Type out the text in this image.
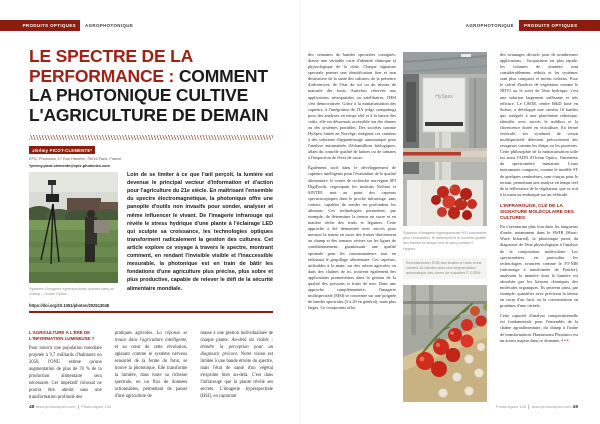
PRODUITS OPTIQUES AGROPHOTONIQUE	AGROPHOTONIQUE PRODUITS OPTIQUES
LE SPECTRE DE LA PERFORMANCE : COMMENT LA PHOTONIQUE CULTIVE L'AGRICULTURE DE DEMAIN
Jérémy PICOT-CLEMENTE*
EPIC Photonics, 17 Rue Hamelin, 75016 Paris, France
*jeremy.picot-clemente@epic-photonics.com
Système d'imagerie hyperspectrale opérant dans un champ – Ocean Optics
https://doi.org/10.1051/photon/202513048
Loin de se limiter à ce que l'œil perçoit, la lumière est devenue le principal vecteur d'information et d'action pour l'agriculture du 21e siècle. En maîtrisant l'ensemble du spectre électromagnétique, la photonique offre une panoplie d'outils non invasifs pour sonder, analyser et même influencer le vivant. De l'imagerie infrarouge qui révèle le stress hydrique d'une plante à l'éclairage LED qui sculpte sa croissance, les technologies optiques transforment radicalement la gestion des cultures. Cet article explore ce voyage à travers le spectre, montrant comment, en rendant l'invisible visible et l'inaccessible mesurable, la photonique est en train de bâtir les fondations d'une agriculture plus précise, plus sobre et plus productive, capable de relever le défi de la sécurité alimentaire mondiale.
L'AGRICULTURE À L'ÈRE DE L'INFORMATION LUMINEUSE ?
Pour nourrir une population mondiale projetée à 9,7 milliards d'habitants en 2050, l'ONU estime qu'une augmentation de plus de 70 % de la production alimentaire sera nécessaire. Cet impératif colossal ne pourra être atteint sans une transformation profonde des
pratiques agricoles. La réponse se trouve dans l'agriculture intelligente, et au cœur de cette révolution, agissant comme le système nerveux sensoriel de la ferme du futur, se trouve la photonique. Elle transforme la lumière, dans toute sa richesse spectrale, en un flux de données actionnables, permettant de passer d'une agriculture de
masse à une gestion individualisée de chaque plante. Au-delà du visible : étendre la perception pour un diagnostic précoce. Notre vision est limitée à une bande étroite du spectre, mais l'état de santé d'un végétal s'exprime bien au-delà. C'est dans l'infrarouge que la plante révèle ses secrets. L'imagerie hyperspectrale (HSI), en capturant
48 www.photoniques.com ❙ Photoniques 130	Photoniques 130 ❙ www.photoniques.com 49
des centaines de bandes spectrales contiguës, dresse une véritable carte d'identité chimique et physiologique de la cible. Chaque signature spectrale permet une identification fine et non destructive de la santé des cultures, de la présence d'adventices, de l'état du sol ou du niveau de maturité des fruits. Autrefois réservée aux applications aérospatiales ou satellitaires, l'HSI s'est démocratisée. Grâce à la miniaturisation des capteurs, à l'intégration de l'IA (edge computing) pour des analyses en temps réel et à la baisse des coûts, elle est désormais accessible sur des drones ou des systèmes portables. Des sociétés comme HySpex, basée en Norvège, intègrent ces caméras à des solutions d'apprentissage automatique pour l'analyse automatisée d'échantillons biologiques, allant du contrôle qualité de laitues ou de tomates à l'inspection de fèves de cacao.
Également actif dans le développement de capteurs intelligents pour l'évaluation de la qualité alimentaire, le centre de recherche norvégien SFI DigiFoods, regroupant les instituts Nofima et SINTEF, met au point des capteurs spectroscopiques dans le proche infrarouge, sans contact, capables de sonder en profondeur les aliments. Ces technologies permettent, par exemple, de déterminer la teneur en sucre et en matière sèche des fruits et légumes. Cette approche a été démontrée avec succès pour mesurer la teneur en sucre des fraises directement au champ et des tomates cerises sur les lignes de conditionnement, garantissant une qualité optimale pour les consommateurs tout en réduisant le gaspillage alimentaire. Ces capteurs, utilisables à la main, sur des robots agricoles ou dans des chaînes de tri, trouvent également des applications prometteuses dans la gestion de la qualité des poissons et fruits de mer. Dans une approche complémentaire, l'imagerie multispectrale (MSI) se concentre sur une poignée de bandes spectrales (3 à 20 en général), mais plus larges. Ce compromis offre
HySpex
Système d'imagerie hyperspectrale HSI automatisé pour l'évaluation, le traitement et le contrôle qualité des fraises en temps réel et sans contact © Hyspex.
Reconstruction RGB des feuilles à l'aide d'une caméra 16 bandes avec une segmentation automatique des zones de maladies © CSEM
des avantages décisifs pour de nombreuses applications : l'acquisition est plus rapide, les volumes de données sont considérablement réduits et les systèmes sont plus compacts et moins coûteux. Pour le calcul d'indices de végétation comme le NDVI ou le suivi de l'état hydrique, c'est une solution largement suffisante et très efficace. Le CSEM, centre R&D basé en Suisse, a développé une caméra 16 bandes qui, intégrée à une plateforme robotique, identifie avec succès le mildiou et la flavescence dorée en viticulture. En ferme verticale, ses systèmes de vision multispectrale détectent précocement des ravageurs comme les thrips ou les pucerons. Cette philosophie de la miniaturisation utile est aussi l'ADN d'Ocean Optics, l'inventeur du spectromètre miniature. Leurs instruments compacts, comme le modèle ST de quelques centimètres, sont conçus pour le terrain, permettant une analyse en temps réel de la réflectance de la végétation, que ce soit à la main ou embarqué sur un véhicule.
L'INFRAROUGE, CLÉ DE LA SIGNATURE MOLÉCULAIRE DES CULTURES
En s'aventurant plus loin dans les longueurs d'onde, notamment dans le SWIR (Short-Wave Infrared), la photonique passe du diagnostic de l'état physiologique à l'analyse de la composition moléculaire. Les spectromètres, en particulier les technologies avancées comme le FT-NIR (infrarouge à transformée de Fourier), analysent la manière dont la lumière est absorbée par les liaisons chimiques des molécules organiques. Ils peuvent ainsi, par exemple, quantifier avec précision la teneur en sucre d'un fruit, ou la concentration en protéines d'une céréale.
Cette capacité d'analyse compositionnelle est fondamentale pour l'ensemble de la chaîne agroalimentaire, du champ à l'usine de transformation. Hamamatsu Photonics est un acteur majeur dans ce domaine, •••
